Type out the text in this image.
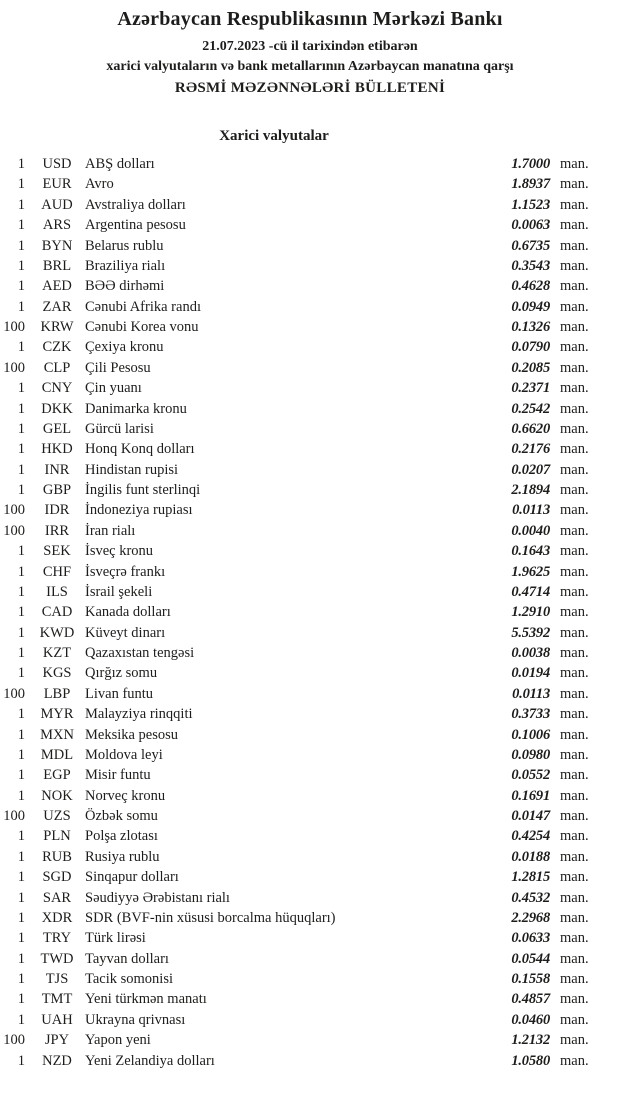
Azərbaycan Respublikasının Mərkəzi Bankı
21.07.2023 -cü il tarixindən etibarən
xarici valyutaların və bank metallarının Azərbaycan manatına qarşı
RƏSMİ MƏZƏNNƏLƏRİ BÜLLETENİ
Xarici valyutalar
1	USD ABŞ dolları	1.7000 man.
1	EUR Avro	1.8937 man.
1	AUD Avstraliya dolları	1.1523 man.
1	ARS Argentina pesosu	0.0063 man.
1	BYN Belarus rublu	0.6735 man.
1	BRL Braziliya rialı	0.3543 man.
1	AED BƏƏ dirhəmi	0.4628 man.
1	ZAR Cənubi Afrika randı	0.0949 man.
100	KRW Cənubi Korea vonu	0.1326 man.
1	CZK Çexiya kronu	0.0790 man.
100	CLP	Çili Pesosu	0.2085 man.
1	CNY Çin yuanı	0.2371 man.
1	DKK Danimarka kronu	0.2542 man.
1	GEL Gürcü larisi	0.6620 man.
1	HKD Honq Konq dolları	0.2176 man.
1	INR	Hindistan rupisi	0.0207 man.
1	GBP İngilis funt sterlinqi	2.1894 man.
100	IDR	İndoneziya rupiası	0.0113 man.
100	IRR	İran rialı	0.0040 man.
1	SEK İsveç kronu	0.1643 man.
1	CHF İsveçrə frankı	1.9625 man.
1	ILS	İsrail şekeli	0.4714 man.
1	CAD Kanada dolları	1.2910 man.
1	KWD Küveyt dinarı	5.5392 man.
1	KZT Qazaxıstan tengəsi	0.0038 man.
1	KGS Qırğız somu	0.0194 man.
100	LBP	Livan funtu	0.0113 man.
1	MYR Malayziya rinqqiti	0.3733 man.
1	MXN Meksika pesosu	0.1006 man.
1	MDL Moldova leyi	0.0980 man.
1	EGP Misir funtu	0.0552 man.
1	NOK Norveç kronu	0.1691 man.
100	UZS Özbək somu	0.0147 man.
1	PLN Polşa zlotası	0.4254 man.
1	RUB Rusiya rublu	0.0188 man.
1	SGD Sinqapur dolları	1.2815 man.
1	SAR Səudiyyə Ərəbistanı rialı	0.4532 man.
1	XDR SDR (BVF-nin xüsusi borcalma hüquqları)	2.2968 man.
1	TRY Türk lirəsi	0.0633 man.
1	TWD Tayvan dolları	0.0544 man.
1	TJS	Tacik somonisi	0.1558 man.
1	TMT Yeni türkmən manatı	0.4857 man.
1	UAH Ukrayna qrivnası	0.0460 man.
100	JPY	Yapon yeni	1.2132 man.
1	NZD Yeni Zelandiya dolları	1.0580 man.
